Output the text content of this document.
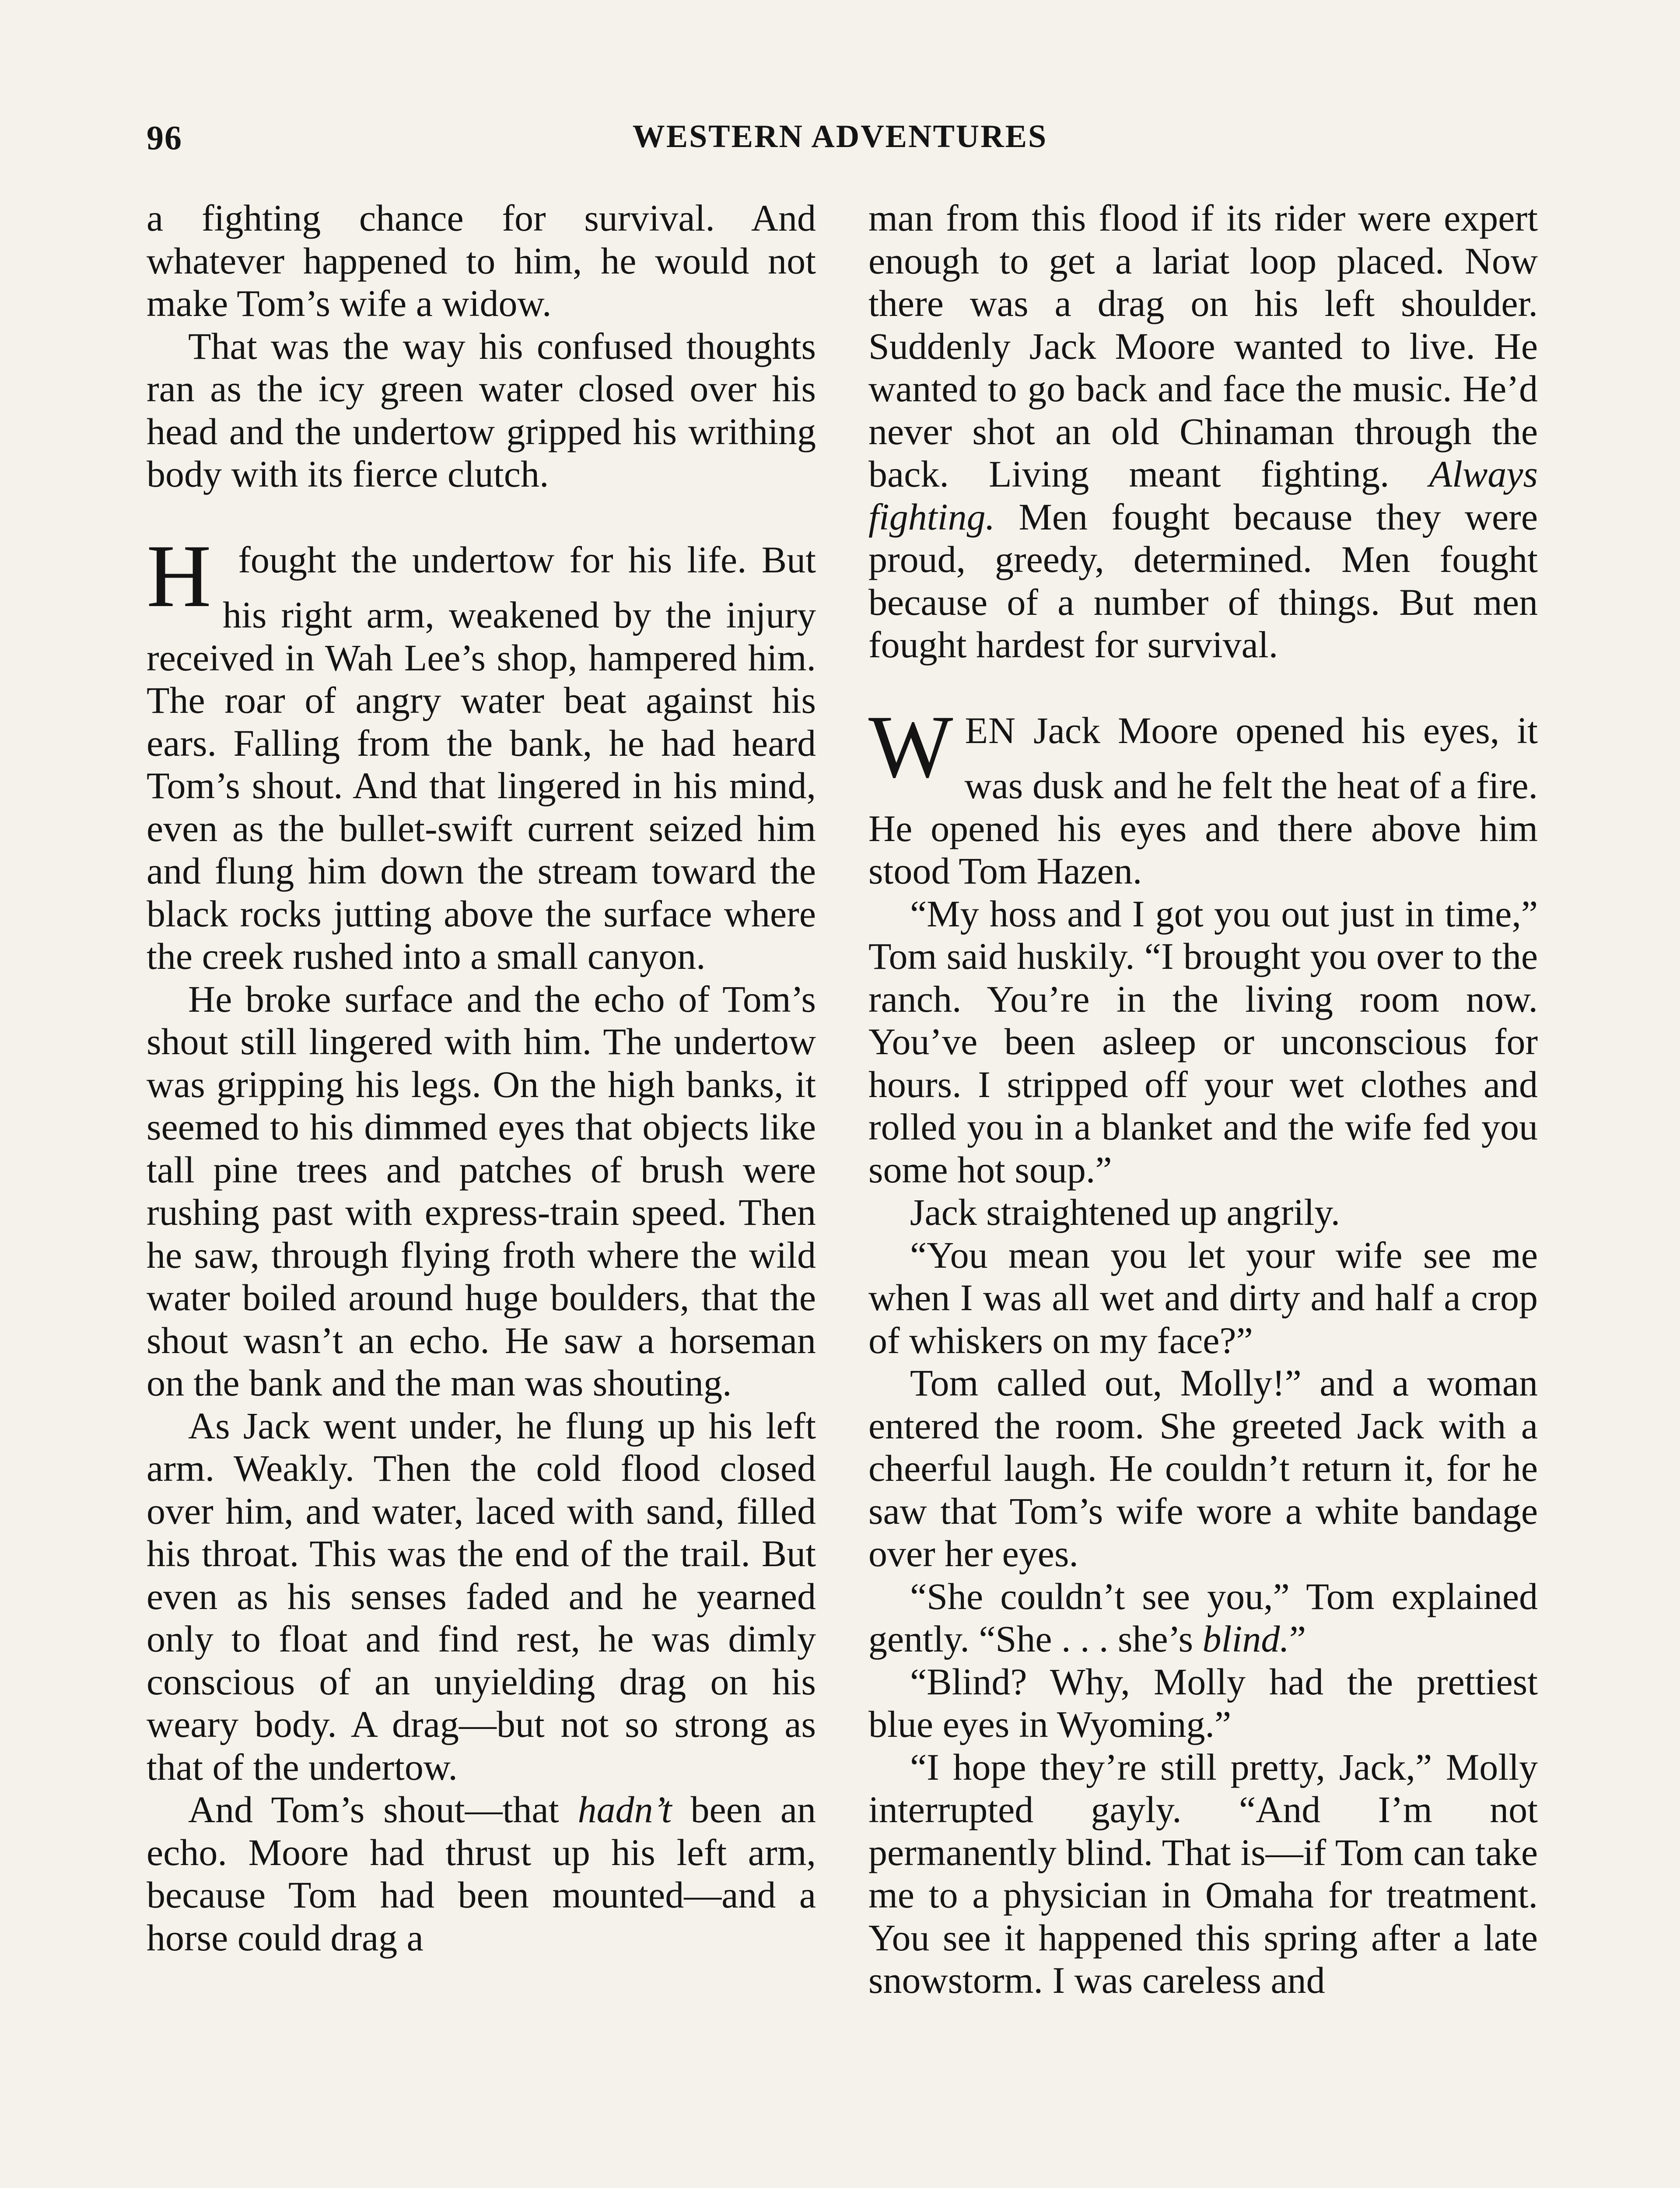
96	WESTERN ADVENTURES

a fighting chance for survival. And whatever happened to him, he would not make Tom’s wife a widow.

That was the way his confused thoughts ran as the icy green water closed over his head and the undertow gripped his writhing body with its fierce clutch.

H fought the undertow for his life. But his right arm, weakened by the injury received in Wah Lee’s shop, hampered him. The roar of angry water beat against his ears. Falling from the bank, he had heard Tom’s shout. And that lingered in his mind, even as the bullet-swift current seized him and flung him down the stream toward the black rocks jutting above the surface where the creek rushed into a small canyon.

He broke surface and the echo of Tom’s shout still lingered with him. The undertow was gripping his legs. On the high banks, it seemed to his dimmed eyes that objects like tall pine trees and patches of brush were rushing past with express-train speed. Then he saw, through flying froth where the wild water boiled around huge boulders, that the shout wasn’t an echo. He saw a horseman on the bank and the man was shouting.

As Jack went under, he flung up his left arm. Weakly. Then the cold flood closed over him, and water, laced with sand, filled his throat. This was the end of the trail. But even as his senses faded and he yearned only to float and find rest, he was dimly conscious of an unyielding drag on his weary body. A drag—but not so strong as that of the undertow.

And Tom’s shout—that hadn’t been an echo. Moore had thrust up his left arm, because Tom had been mounted—and a horse could drag a

man from this flood if its rider were expert enough to get a lariat loop placed. Now there was a drag on his left shoulder. Suddenly Jack Moore wanted to live. He wanted to go back and face the music. He’d never shot an old Chinaman through the back. Living meant fighting. Always fighting. Men fought because they were proud, greedy, determined. Men fought because of a number of things. But men fought hardest for survival.

W
HEN Jack Moore opened his eyes, it was dusk and he felt the heat of a fire. He opened his eyes and there above him stood Tom Hazen.

“My hoss and I got you out just in time,” Tom said huskily. “I brought you over to the ranch. You’re in the living room now. You’ve been asleep or unconscious for hours. I stripped off your wet clothes and rolled you in a blanket and the wife fed you some hot soup.”

Jack straightened up angrily.

“You mean you let your wife see me when I was all wet and dirty and half a crop of whiskers on my face?”

Tom called out, Molly!” and a woman entered the room. She greeted Jack with a cheerful laugh. He couldn’t return it, for he saw that Tom’s wife wore a white bandage over her eyes.

“She couldn’t see you,” Tom explained gently. “She . . . she’s blind.”

“Blind? Why, Molly had the prettiest blue eyes in Wyoming.”

“I hope they’re still pretty, Jack,” Molly interrupted gayly. “And I’m not permanently blind. That is—if Tom can take me to a physician in Omaha for treatment. You see it happened this spring after a late snowstorm. I was careless and
